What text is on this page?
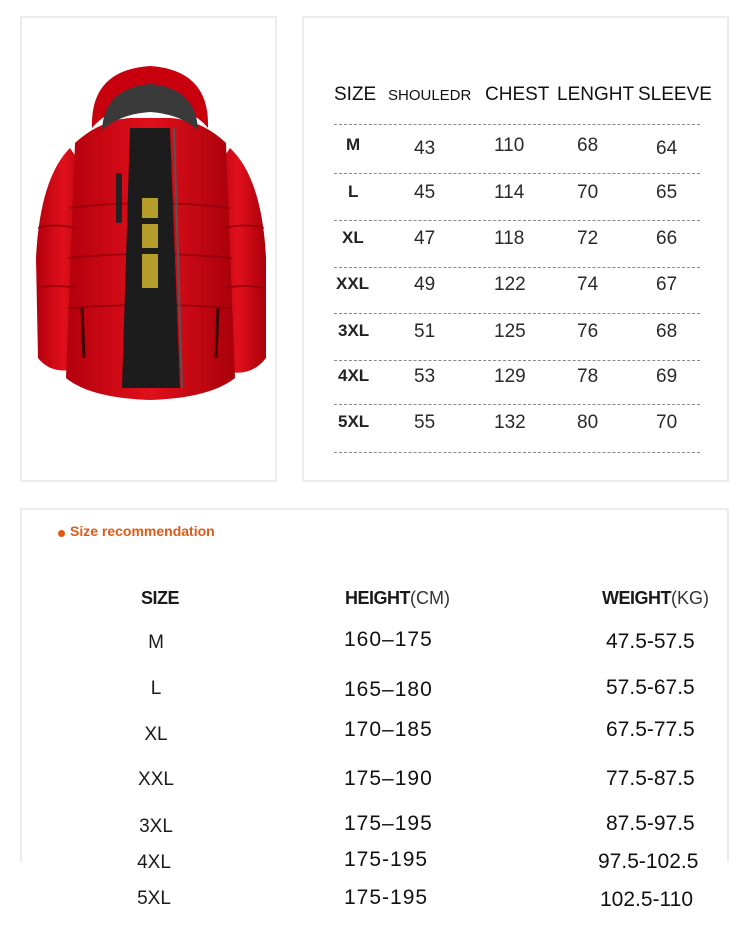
SIZE SHOULEDR CHEST LENGHT SLEEVE
M	43	110	68	64
L	45	114	70	65
XL	47	118	72	66
XXL 49	122	74	67
3XL 51	125	76	68
4XL 53	129	78	69
5XL 55	132	80	70
Size recommendation
SIZE	HEIGHT(CM)	WEIGHT(KG)
M	160–175	47.5-57.5
L	165–180	57.5-67.5
XL	170–185	67.5-77.5
XXL	175–190	77.5-87.5
3XL	175–195	87.5-97.5
4XL	175-195	97.5-102.5
5XL	175-195	102.5-110
